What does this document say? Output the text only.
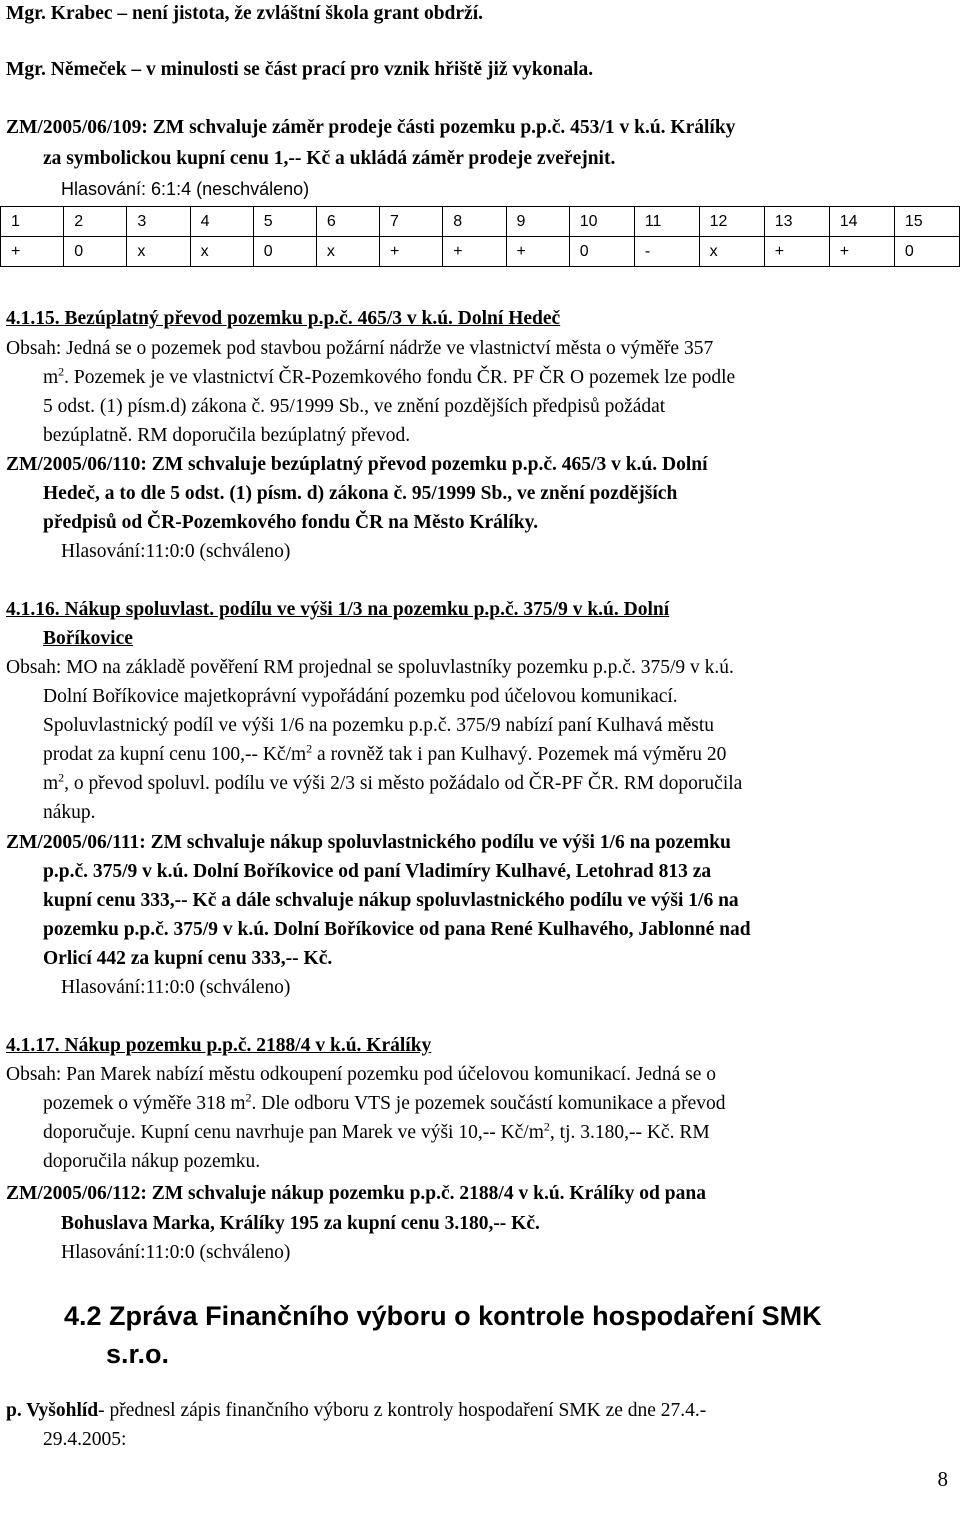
Mgr. Krabec – není jistota, že zvláštní škola grant obdrží.
Mgr. Němeček – v minulosti se část prací pro vznik hřiště již vykonala.
ZM/2005/06/109: ZM schvaluje záměr prodeje části pozemku p.p.č. 453/1 v k.ú. Králíky
za symbolickou kupní cenu 1,-- Kč a ukládá záměr prodeje zveřejnit.
Hlasování: 6:1:4 (neschváleno)
1	2	3	4	5	6	7	8	9	10	11	12	13	14	15
+	0	x	x	0	x	+	+	+	0	-	x	+	+	0
4.1.15. Bezúplatný převod pozemku p.p.č. 465/3 v k.ú. Dolní Hedeč
Obsah: Jedná se o pozemek pod stavbou požární nádrže ve vlastnictví města o výměře 357
$m^2$. Pozemek je ve vlastnictví ČR-Pozemkového fondu ČR. PF ČR O pozemek lze podle
5 odst. (1) písm.d) zákona č. 95/1999 Sb., ve znění pozdějších předpisů požádat
bezúplatně. RM doporučila bezúplatný převod.
ZM/2005/06/110: ZM schvaluje bezúplatný převod pozemku p.p.č. 465/3 v k.ú. Dolní
Hedeč, a to dle 5 odst. (1) písm. d) zákona č. 95/1999 Sb., ve znění pozdějších
předpisů od ČR-Pozemkového fondu ČR na Město Králíky.
Hlasování:11:0:0 (schváleno)
4.1.16. Nákup spoluvlast. podílu ve výši 1/3 na pozemku p.p.č. 375/9 v k.ú. Dolní
Boříkovice
Obsah: MO na základě pověření RM projednal se spoluvlastníky pozemku p.p.č. 375/9 v k.ú.
Dolní Boříkovice majetkoprávní vypořádání pozemku pod účelovou komunikací.
Spoluvlastnický podíl ve výši 1/6 na pozemku p.p.č. 375/9 nabízí paní Kulhavá městu
prodat za kupní cenu 100,-- $Kč/m^2$ a rovněž tak i pan Kulhavý. Pozemek má výměru 20
$m^2$, o převod spoluvl. podílu ve výši 2/3 si město požádalo od ČR-PF ČR. RM doporučila
nákup.
ZM/2005/06/111: ZM schvaluje nákup spoluvlastnického podílu ve výši 1/6 na pozemku
p.p.č. 375/9 v k.ú. Dolní Boříkovice od paní Vladimíry Kulhavé, Letohrad 813 za
kupní cenu 333,-- Kč a dále schvaluje nákup spoluvlastnického podílu ve výši 1/6 na
pozemku p.p.č. 375/9 v k.ú. Dolní Boříkovice od pana René Kulhavého, Jablonné nad
Orlicí 442 za kupní cenu 333,-- Kč.
Hlasování:11:0:0 (schváleno)
4.1.17. Nákup pozemku p.p.č. 2188/4 v k.ú. Králíky
Obsah: Pan Marek nabízí městu odkoupení pozemku pod účelovou komunikací. Jedná se o
pozemek o výměře 318 $m^2$. Dle odboru VTS je pozemek součástí komunikace a převod
doporučuje. Kupní cenu navrhuje pan Marek ve výši 10,-- $Kč/m^2$, tj. 3.180,-- Kč. RM
doporučila nákup pozemku.
ZM/2005/06/112: ZM schvaluje nákup pozemku p.p.č. 2188/4 v k.ú. Králíky od pana
Bohuslava Marka, Králíky 195 za kupní cenu 3.180,-- Kč.
Hlasování:11:0:0 (schváleno)
4.2 Zpráva Finančního výboru o kontrole hospodaření SMK
s.r.o.
p. Vyšohlíd- přednesl zápis finančního výboru z kontroly hospodaření SMK ze dne 27.4.-
29.4.2005:
8
